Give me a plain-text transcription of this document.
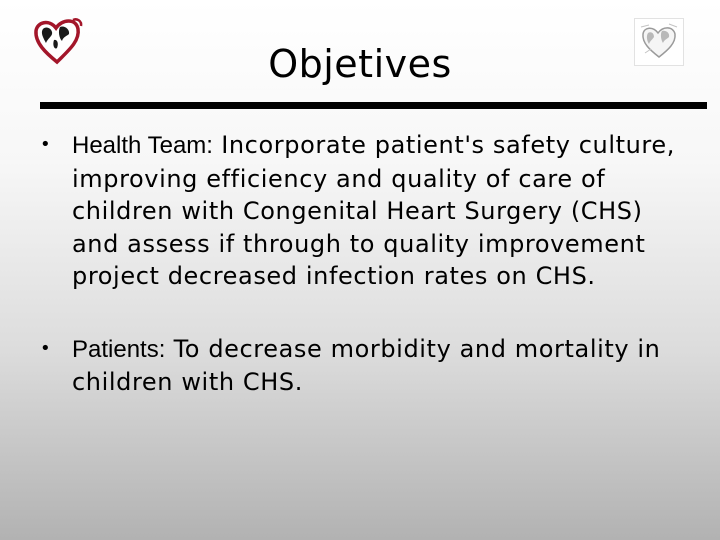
Objetives
• Health Team: Incorporate patient's safety culture, improving efficiency and quality of care of children with Congenital Heart Surgery (CHS) and assess if through to quality improvement project decreased infection rates on CHS.
• Patients: To decrease morbidity and mortality in children with CHS.
